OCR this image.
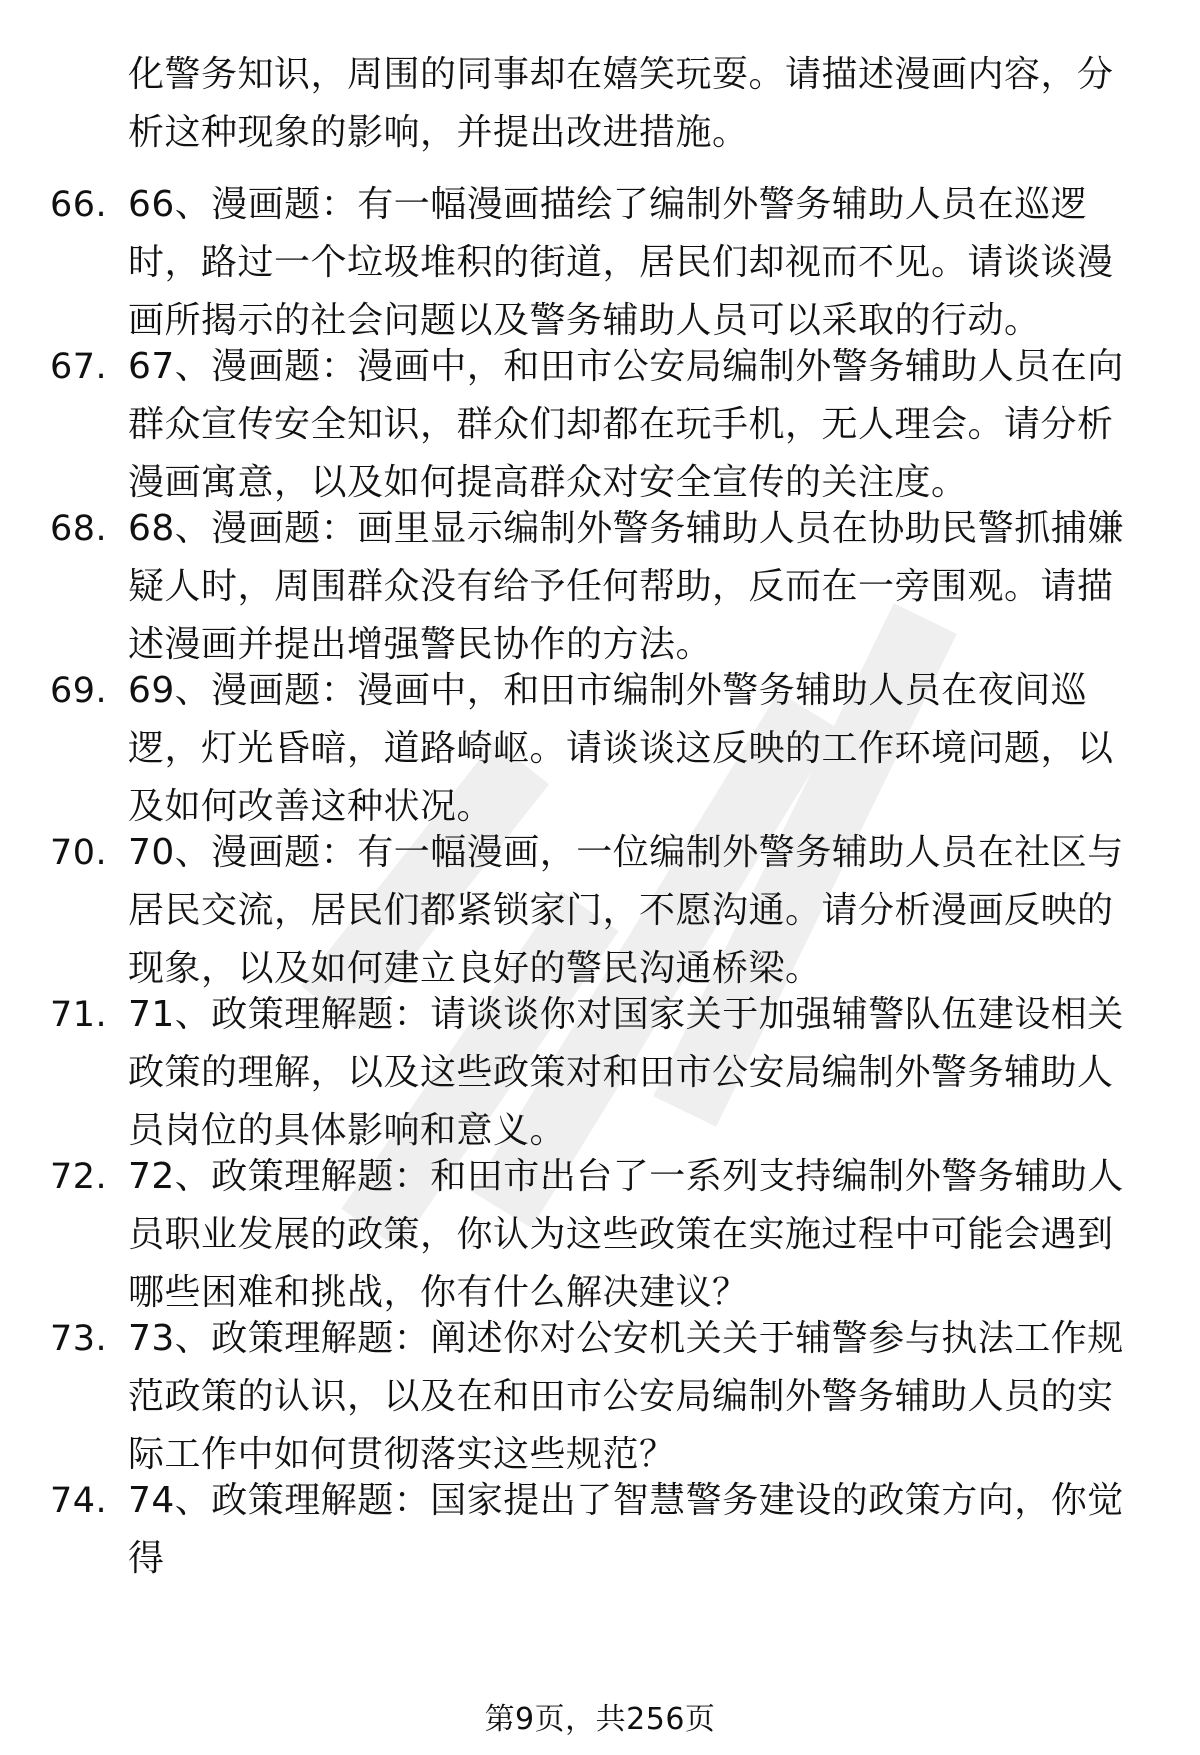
化警务知识，周围的同事却在嬉笑玩耍。请描述漫画内容，分析这种现象的影响，并提出改进措施。
66. 66、漫画题：有一幅漫画描绘了编制外警务辅助人员在巡逻时，路过一个垃圾堆积的街道，居民们却视而不见。请谈谈漫画所揭示的社会问题以及警务辅助人员可以采取的行动。
67. 67、漫画题：漫画中，和田市公安局编制外警务辅助人员在向群众宣传安全知识，群众们却都在玩手机，无人理会。请分析漫画寓意，以及如何提高群众对安全宣传的关注度。
68. 68、漫画题：画里显示编制外警务辅助人员在协助民警抓捕嫌疑人时，周围群众没有给予任何帮助，反而在一旁围观。请描述漫画并提出增强警民协作的方法。
69. 69、漫画题：漫画中，和田市编制外警务辅助人员在夜间巡逻，灯光昏暗，道路崎岖。请谈谈这反映的工作环境问题，以及如何改善这种状况。
70. 70、漫画题：有一幅漫画，一位编制外警务辅助人员在社区与居民交流，居民们都紧锁家门，不愿沟通。请分析漫画反映的现象，以及如何建立良好的警民沟通桥梁。
71. 71、政策理解题：请谈谈你对国家关于加强辅警队伍建设相关政策的理解，以及这些政策对和田市公安局编制外警务辅助人员岗位的具体影响和意义。
72. 72、政策理解题：和田市出台了一系列支持编制外警务辅助人员职业发展的政策，你认为这些政策在实施过程中可能会遇到哪些困难和挑战，你有什么解决建议？
73. 73、政策理解题：阐述你对公安机关关于辅警参与执法工作规范政策的认识，以及在和田市公安局编制外警务辅助人员的实际工作中如何贯彻落实这些规范？
74. 74、政策理解题：国家提出了智慧警务建设的政策方向，你觉得
第9页，共256页
